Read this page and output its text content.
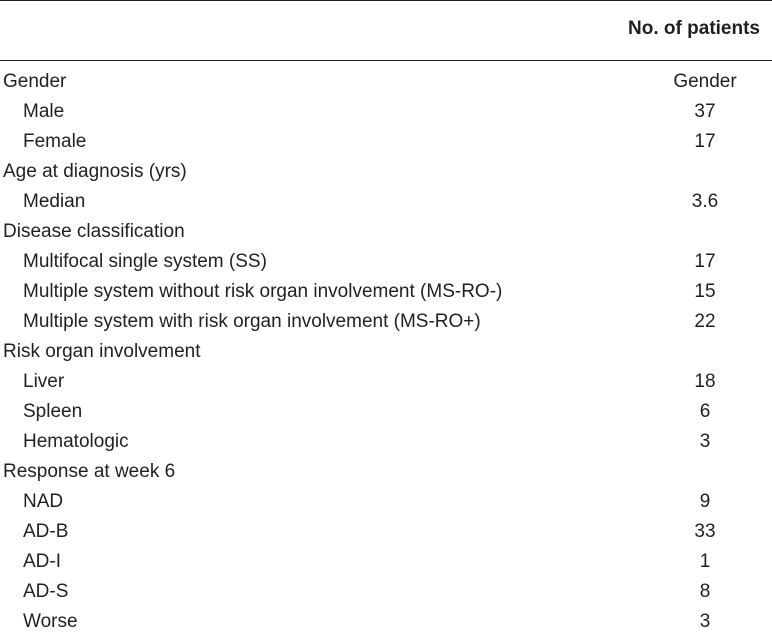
No. of patients
Gender	Gender
Male	37
Female	17
Age at diagnosis (yrs)
Median	3.6
Disease classification
Multifocal single system (SS)	17
Multiple system without risk organ involvement (MS-RO-)	15
Multiple system with risk organ involvement (MS-RO+)	22
Risk organ involvement
Liver	18
Spleen	6
Hematologic	3
Response at week 6
NAD	9
AD-B	33
AD-I	1
AD-S	8
Worse	3
